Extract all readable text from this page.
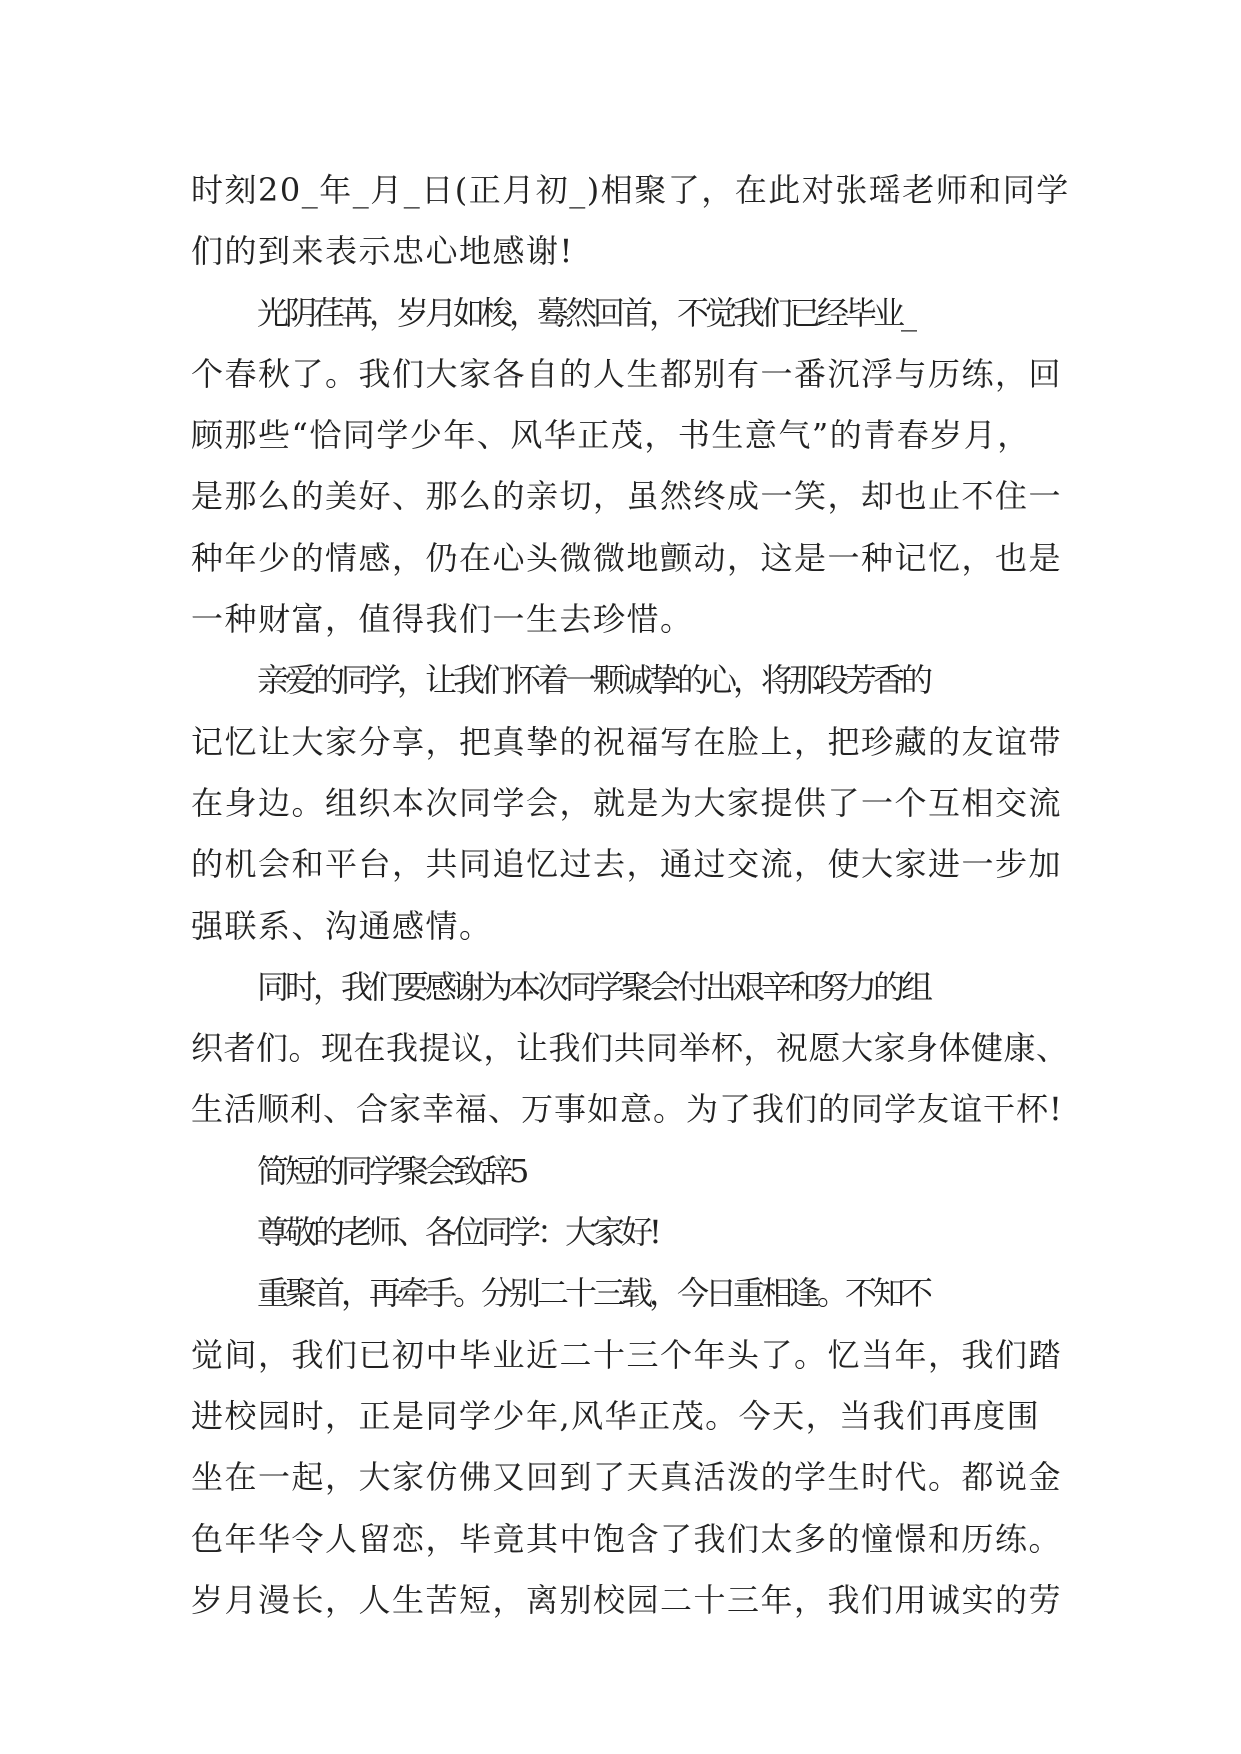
时刻20_年_月_日(正月初_)相聚了，在此对张瑶老师和同学
们的到来表示忠心地感谢!
光阴荏苒，岁月如梭，蓦然回首，不觉我们已经毕业_
个春秋了。我们大家各自的人生都别有一番沉浮与历练，回
顾那些“恰同学少年、风华正茂，书生意气”的青春岁月，
是那么的美好、那么的亲切，虽然终成一笑，却也止不住一
种年少的情感，仍在心头微微地颤动，这是一种记忆，也是
一种财富，值得我们一生去珍惜。
亲爱的同学，让我们怀着一颗诚挚的心，将那段芳香的
记忆让大家分享，把真挚的祝福写在脸上，把珍藏的友谊带
在身边。组织本次同学会，就是为大家提供了一个互相交流
的机会和平台，共同追忆过去，通过交流，使大家进一步加
强联系、沟通感情。
同时，我们要感谢为本次同学聚会付出艰辛和努力的组
织者们。现在我提议，让我们共同举杯，祝愿大家身体健康、
生活顺利、合家幸福、万事如意。为了我们的同学友谊干杯!
简短的同学聚会致辞5
尊敬的老师、各位同学：大家好!
重聚首，再牵手。分别二十三载，今日重相逢。不知不
觉间，我们已初中毕业近二十三个年头了。忆当年，我们踏
进校园时，正是同学少年,风华正茂。今天，当我们再度围
坐在一起，大家仿佛又回到了天真活泼的学生时代。都说金
色年华令人留恋，毕竟其中饱含了我们太多的憧憬和历练。
岁月漫长，人生苦短，离别校园二十三年，我们用诚实的劳
